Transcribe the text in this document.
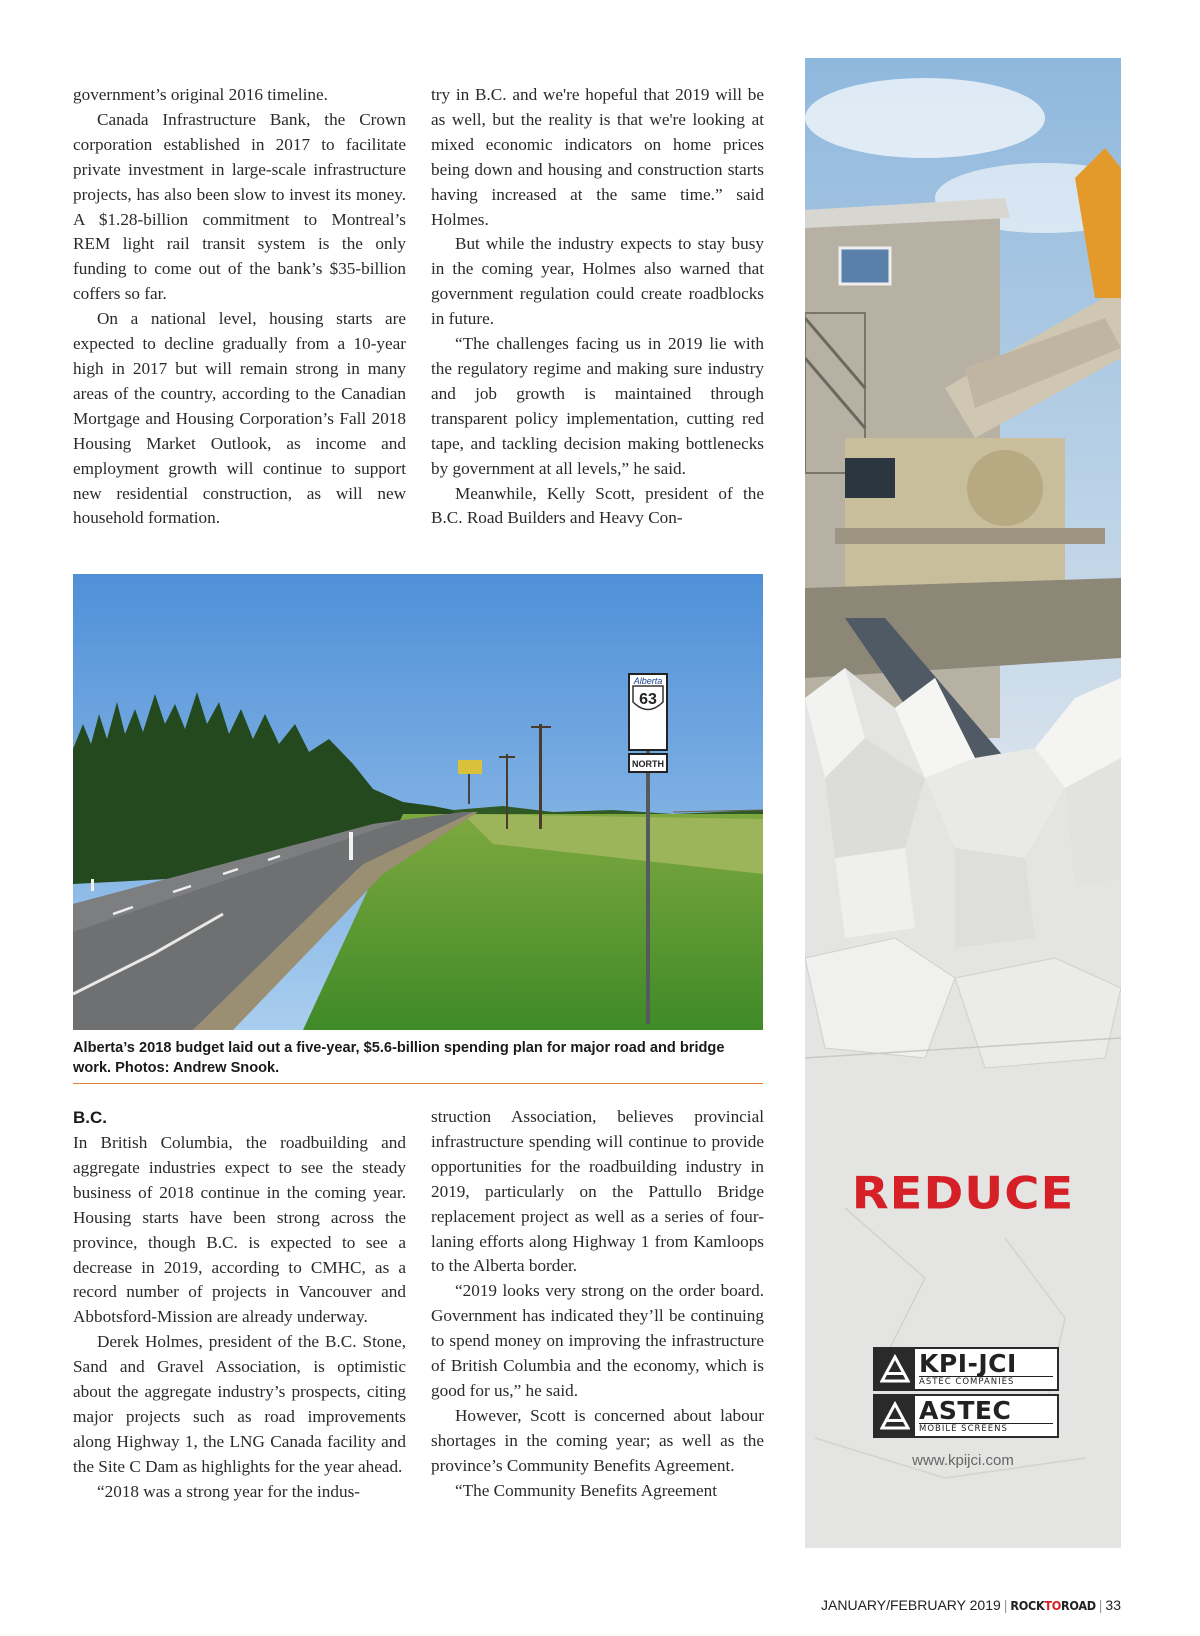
government’s original 2016 timeline.

Canada Infrastructure Bank, the Crown corporation established in 2017 to facilitate private investment in large-scale infrastructure projects, has also been slow to invest its money. A $1.28-billion commitment to Montreal’s REM light rail transit system is the only funding to come out of the bank’s $35-billion coffers so far.

On a national level, housing starts are expected to decline gradually from a 10-year high in 2017 but will remain strong in many areas of the country, according to the Canadian Mortgage and Housing Corporation’s Fall 2018 Housing Market Outlook, as income and employment growth will continue to support new residential construction, as will new household formation.

try in B.C. and we're hopeful that 2019 will be as well, but the reality is that we're looking at mixed economic indicators on home prices being down and housing and construction starts having increased at the same time.” said Holmes.

But while the industry expects to stay busy in the coming year, Holmes also warned that government regulation could create roadblocks in future.

“The challenges facing us in 2019 lie with the regulatory regime and making sure industry and job growth is maintained through transparent policy implementation, cutting red tape, and tackling decision making bottlenecks by government at all levels,” he said.

Meanwhile, Kelly Scott, president of the B.C. Road Builders and Heavy Con-

Alberta
63
NORTH
Alberta’s 2018 budget laid out a five-year, $5.6-billion spending plan for major road and bridge work. Photos: Andrew Snook.
B.C.

In British Columbia, the roadbuilding and aggregate industries expect to see the steady business of 2018 continue in the coming year. Housing starts have been strong across the province, though B.C. is expected to see a decrease in 2019, according to CMHC, as a record number of projects in Vancouver and Abbotsford-Mission are already underway.

Derek Holmes, president of the B.C. Stone, Sand and Gravel Association, is optimistic about the aggregate industry’s prospects, citing major projects such as road improvements along Highway 1, the LNG Canada facility and the Site C Dam as highlights for the year ahead.

“2018 was a strong year for the indus-

struction Association, believes provincial infrastructure spending will continue to provide opportunities for the roadbuilding industry in 2019, particularly on the Pattullo Bridge replacement project as well as a series of four-laning efforts along Highway 1 from Kamloops to the Alberta border.

“2019 looks very strong on the order board. Government has indicated they’ll be continuing to spend money on improving the infrastructure of British Columbia and the economy, which is good for us,” he said.

However, Scott is concerned about labour shortages in the coming year; as well as the province’s Community Benefits Agreement.

“The Community Benefits Agreement

REDUCE
KPI-JCI
ASTEC COMPANIES
ASTEC
MOBILE SCREENS
www.kpijci.com
JANUARY/FEBRUARY 2019 | ROCKTOROAD | 33
